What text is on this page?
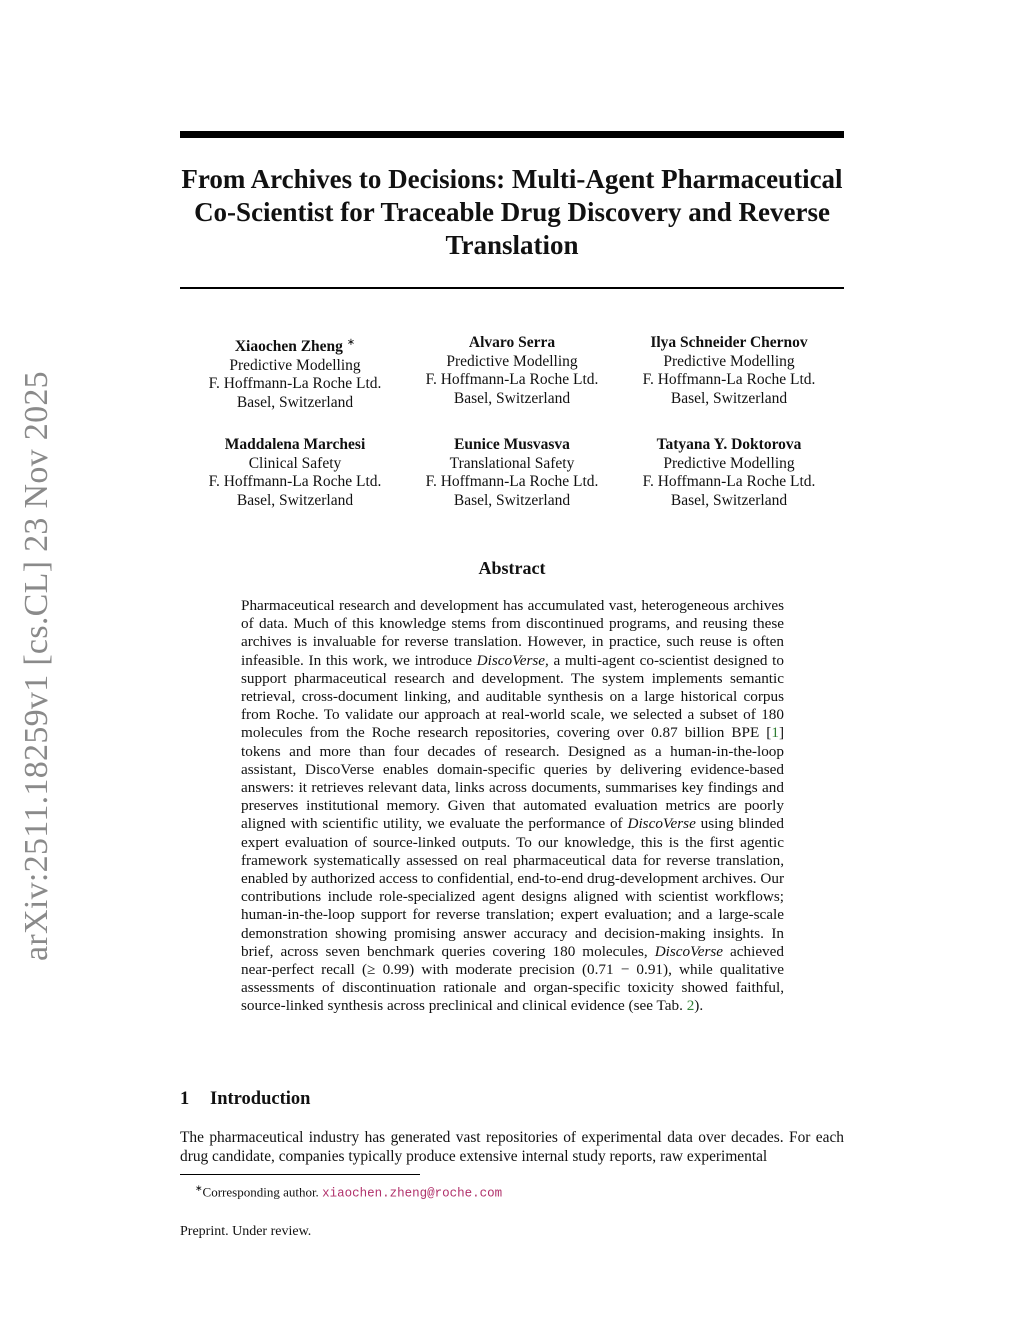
arXiv:2511.18259v1 [cs.CL] 23 Nov 2025
From Archives to Decisions: Multi-Agent Pharmaceutical Co-Scientist for Traceable Drug Discovery and Reverse Translation
Xiaochen Zheng ∗
Predictive Modelling
F. Hoffmann-La Roche Ltd.
Basel, Switzerland
Alvaro Serra
Predictive Modelling
F. Hoffmann-La Roche Ltd.
Basel, Switzerland
Ilya Schneider Chernov
Predictive Modelling
F. Hoffmann-La Roche Ltd.
Basel, Switzerland
Maddalena Marchesi
Clinical Safety
F. Hoffmann-La Roche Ltd.
Basel, Switzerland
Eunice Musvasva
Translational Safety
F. Hoffmann-La Roche Ltd.
Basel, Switzerland
Tatyana Y. Doktorova
Predictive Modelling
F. Hoffmann-La Roche Ltd.
Basel, Switzerland
Abstract

Pharmaceutical research and development has accumulated vast, heterogeneous archives of data. Much of this knowledge stems from discontinued programs, and reusing these archives is invaluable for reverse translation. However, in practice, such reuse is often infeasible. In this work, we introduce DiscoVerse, a multi-agent co-scientist designed to support pharmaceutical research and development. The system implements semantic retrieval, cross-document linking, and auditable synthesis on a large historical corpus from Roche. To validate our approach at real-world scale, we selected a subset of 180 molecules from the Roche research repositories, covering over 0.87 billion BPE [1] tokens and more than four decades of research. Designed as a human-in-the-loop assistant, DiscoVerse enables domain-specific queries by delivering evidence-based answers: it retrieves relevant data, links across documents, summarises key findings and preserves institutional memory. Given that automated evaluation metrics are poorly aligned with scientific utility, we evaluate the performance of DiscoVerse using blinded expert evaluation of source-linked outputs. To our knowledge, this is the first agentic framework systematically assessed on real pharmaceutical data for reverse translation, enabled by authorized access to confidential, end-to-end drug-development archives. Our contributions include role-specialized agent designs aligned with scientist workflows; human-in-the-loop support for reverse translation; expert evaluation; and a large-scale demonstration showing promising answer accuracy and decision-making insights. In brief, across seven benchmark queries covering 180 molecules, DiscoVerse achieved near-perfect recall (≥ 0.99) with moderate precision (0.71 − 0.91), while qualitative assessments of discontinuation rationale and organ-specific toxicity showed faithful, source-linked synthesis across preclinical and clinical evidence (see Tab. 2).

1 Introduction

The pharmaceutical industry has generated vast repositories of experimental data over decades. For each drug candidate, companies typically produce extensive internal study reports, raw experimental

∗Corresponding author. xiaochen.zheng@roche.com
Preprint. Under review.
